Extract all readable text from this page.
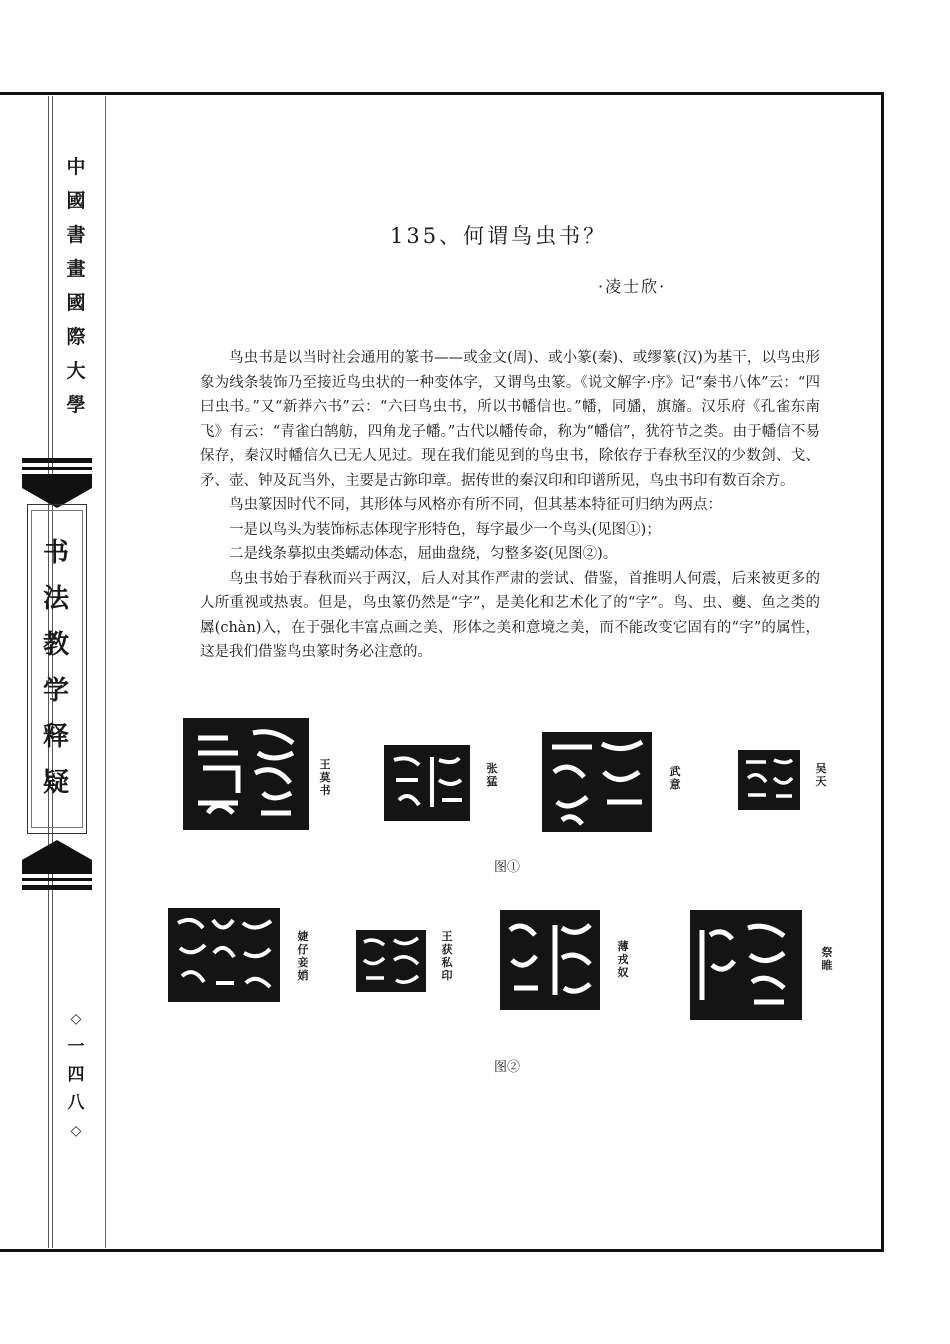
中
國
書
畫
國
際
大
學
书
法
教
学
释
疑
◇
一
四
八
◇
135、何谓鸟虫书？
·凌士欣·

鸟虫书是以当时社会通用的篆书——或金文(周)、或小篆(秦)、或缪篆(汉)为基干，以鸟虫形象为线条装饰乃至接近鸟虫状的一种变体字，又谓鸟虫篆。《说文解字·序》记“秦书八体”云：“四曰虫书。”又“新莽六书”云：“六曰鸟虫书，所以书幡信也。”幡，同旙，旗旛。汉乐府《孔雀东南飞》有云：“青雀白鹄舫，四角龙子幡。”古代以幡传命，称为“幡信”，犹符节之类。由于幡信不易保存，秦汉时幡信久已无人见过。现在我们能见到的鸟虫书，除依存于春秋至汉的少数剑、戈、矛、壶、钟及瓦当外，主要是古鉨印章。据传世的秦汉印和印谱所见，鸟虫书印有数百余方。

鸟虫篆因时代不同，其形体与风格亦有所不同，但其基本特征可归纳为两点：

一是以鸟头为装饰标志体现字形特色，每字最少一个鸟头(见图①)；

二是线条摹拟虫类蠕动体态，屈曲盘绕，匀整多姿(见图②)。

鸟虫书始于春秋而兴于两汉，后人对其作严肃的尝试、借鉴，首推明人何震，后来被更多的人所重视或热衷。但是，鸟虫篆仍然是“字”，是美化和艺术化了的“字”。鸟、虫、夔、鱼之类的羼(chàn)入，在于强化丰富点画之美、形体之美和意境之美，而不能改变它固有的“字”的属性，这是我们借鉴鸟虫篆时务必注意的。

王
莫
书
张
猛
武
意
吴
天
图①
婕
仔
妾
娋
王
获
私
印
薄
戎
奴
祭
睢
图②
